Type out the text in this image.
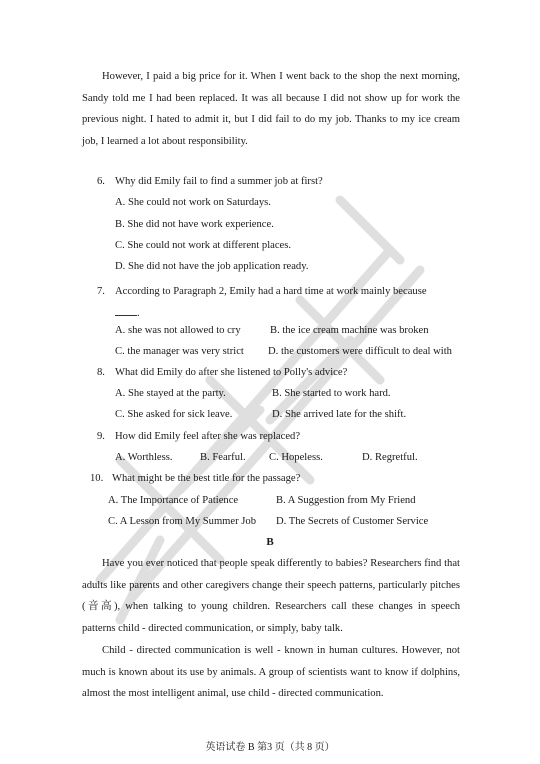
However, I paid a big price for it. When I went back to the shop the next morning, Sandy told me I had been replaced. It was all because I did not show up for work the previous night. I hated to admit it, but I did fail to do my job. Thanks to my ice cream job, I learned a lot about responsibility.

6. Why did Emily fail to find a summer job at first?
A. She could not work on Saturdays.
B. She did not have work experience.
C. She could not work at different places.
D. She did not have the job application ready.
7. According to Paragraph 2, Emily had a hard time at work mainly because
.
A. she was not allowed to cry	B. the ice cream machine was broken
C. the manager was very strict D. the customers were difficult to deal with
8. What did Emily do after she listened to Polly's advice?
A. She stayed at the party.	B. She started to work hard.
C. She asked for sick leave.	D. She arrived late for the shift.
9. How did Emily feel after she was replaced?
A. Worthless.	B. Fearful. C. Hopeless.	D. Regretful.
10. What might be the best title for the passage?
A. The Importance of Patience	B. A Suggestion from My Friend
C. A Lesson from My Summer Job D. The Secrets of Customer Service
B

Have you ever noticed that people speak differently to babies? Researchers find that adults like parents and other caregivers change their speech patterns, particularly pitches (音高), when talking to young children. Researchers call these changes in speech patterns child - directed communication, or simply, baby talk.

Child - directed communication is well - known in human cultures. However, not much is known about its use by animals. A group of scientists want to know if dolphins, almost the most intelligent animal, use child - directed communication.

英语试卷 B 第3 页（共 8 页）
